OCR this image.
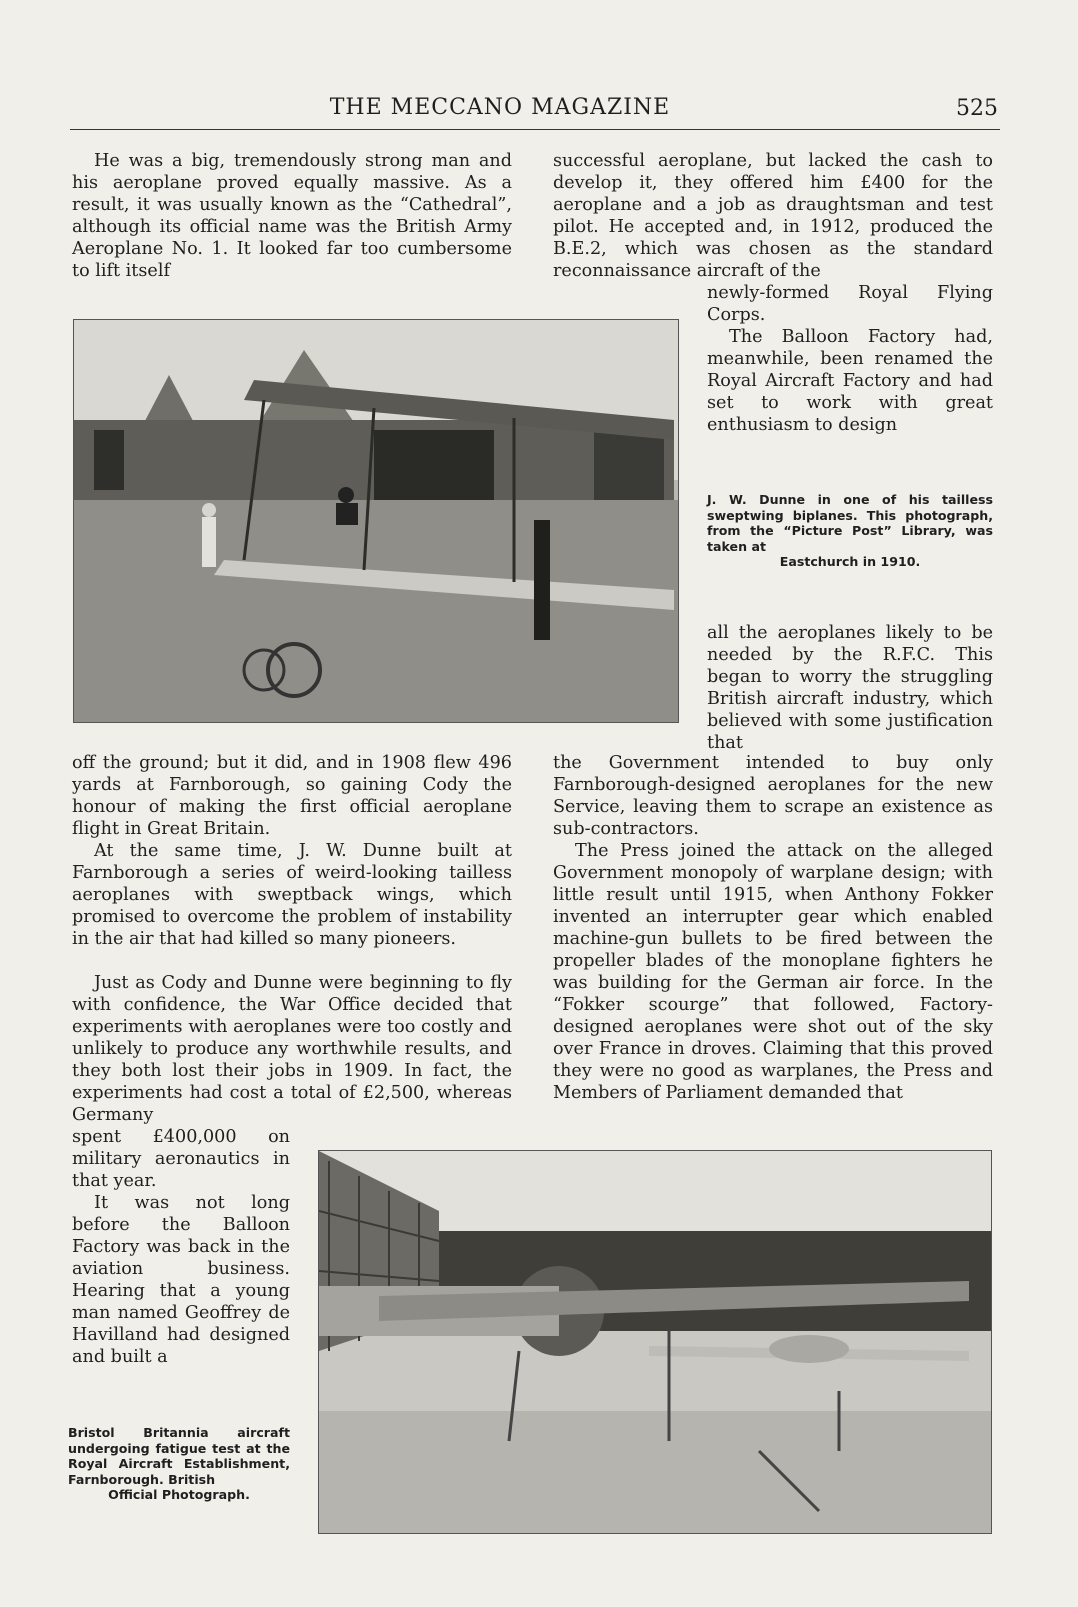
THE MECCANO MAGAZINE	525

He was a big, tremendously strong man and his aeroplane proved equally massive. As a result, it was usually known as the “Cathedral”, although its official name was the British Army Aeroplane No. 1. It looked far too cumbersome to lift itself

successful aeroplane, but lacked the cash to develop it, they offered him £400 for the aeroplane and a job as draughtsman and test pilot. He accepted and, in 1912, produced the B.E.2, which was chosen as the standard reconnaissance aircraft of the

newly-formed Royal Flying Corps.

The Balloon Factory had, meanwhile, been renamed the Royal Aircraft Factory and had set to work with great enthusiasm to design

J. W. Dunne in one of his tailless sweptwing biplanes. This photograph, from the “Picture Post” Library, was taken at
Eastchurch in 1910.

all the aeroplanes likely to be needed by the R.F.C. This began to worry the struggling British aircraft industry, which believed with some justification that

off the ground; but it did, and in 1908 flew 496 yards at Farnborough, so gaining Cody the honour of making the first official aeroplane flight in Great Britain.

At the same time, J. W. Dunne built at Farnborough a series of weird-looking tailless aeroplanes with sweptback wings, which promised to overcome the problem of instability in the air that had killed so many pioneers.

Just as Cody and Dunne were beginning to fly with confidence, the War Office decided that experiments with aeroplanes were too costly and unlikely to produce any worthwhile results, and they both lost their jobs in 1909. In fact, the experiments had cost a total of £2,500, whereas Germany

spent £400,000 on military aeronautics in that year.

It was not long before the Balloon Factory was back in the aviation business. Hearing that a young man named Geoffrey de Havilland had designed and built a

the Government intended to buy only Farnborough-designed aeroplanes for the new Service, leaving them to scrape an existence as sub-contractors.

The Press joined the attack on the alleged Government monopoly of warplane design; with little result until 1915, when Anthony Fokker invented an interrupter gear which enabled machine-gun bullets to be fired between the propeller blades of the monoplane fighters he was building for the German air force. In the “Fokker scourge” that followed, Factory-designed aeroplanes were shot out of the sky over France in droves. Claiming that this proved they were no good as warplanes, the Press and Members of Parliament demanded that

Bristol Britannia aircraft undergoing fatigue test at the Royal Aircraft Establishment, Farnborough. British
Official Photograph.
